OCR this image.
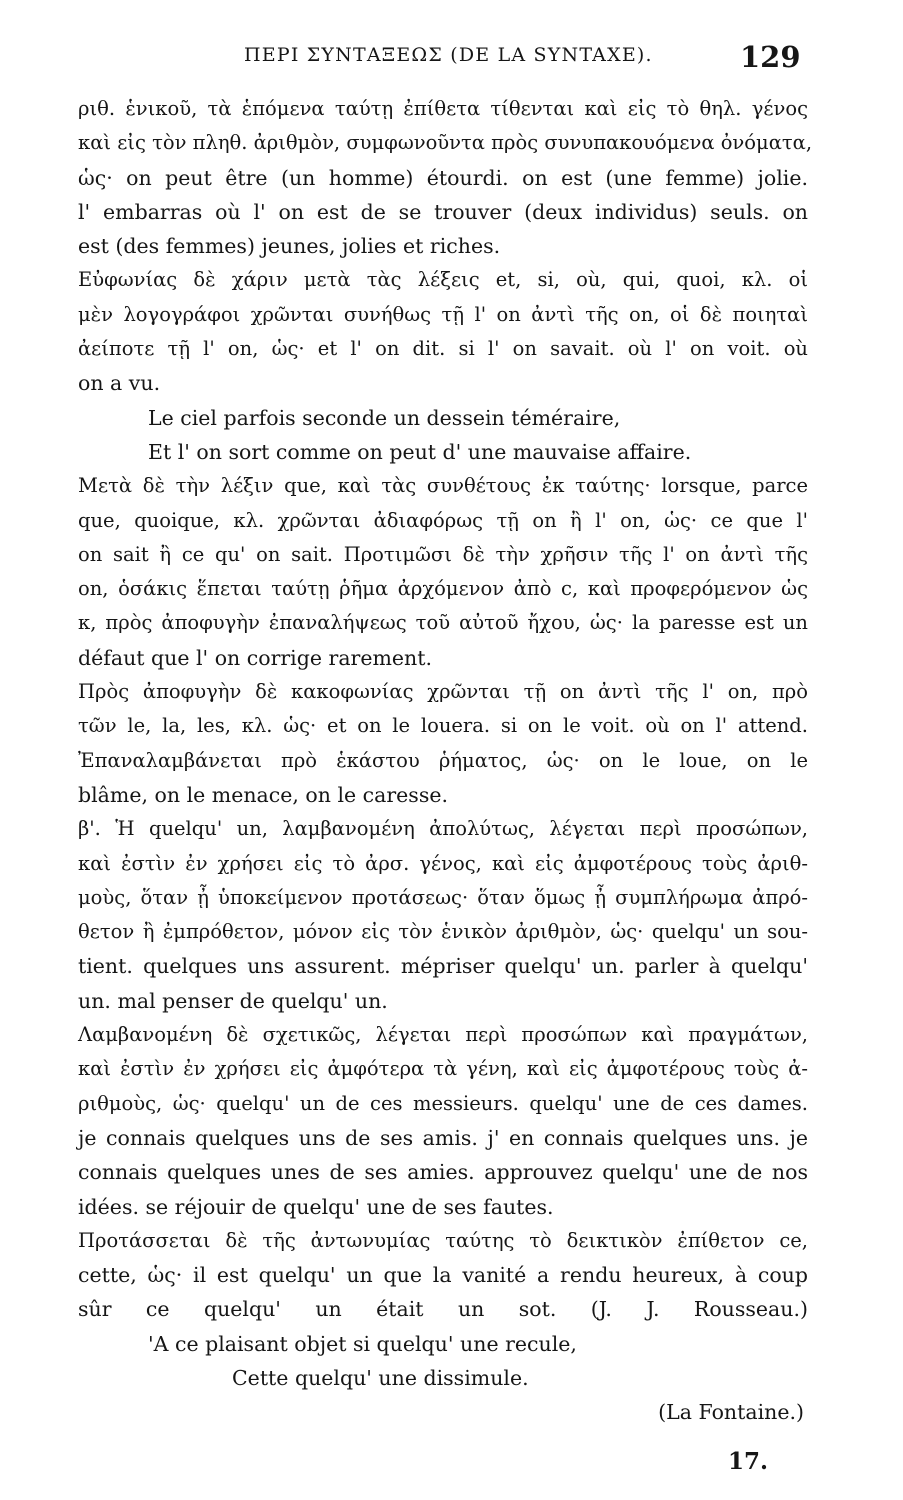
ΠΕΡΙ ΣΥΝΤΑΞΕΩΣ (DE LA SYNTAXE).	129
ριθ. ἑνικοῦ, τὰ ἑπόμενα ταύτῃ ἐπίθετα τίθενται καὶ εἰς τὸ θηλ. γένος
καὶ εἰς τὸν πληθ. ἀριθμὸν, συμφωνοῦντα πρὸς συνυπακουόμενα ὀνόματα,
ὡς· on peut être (un homme) étourdi. on est (une femme) jolie.
l' embarras où l' on est de se trouver (deux individus) seuls. on
est (des femmes) jeunes, jolies et riches.
Εὐφωνίας δὲ χάριν μετὰ τὰς λέξεις et, si, où, qui, quoi, κλ. οἱ
μὲν λογογράφοι χρῶνται συνήθως τῇ l' on ἀντὶ τῆς on, οἱ δὲ ποιηταὶ
ἀείποτε τῇ l' on, ὡς· et l' on dit. si l' on savait. où l' on voit. où
on a vu.
Le ciel parfois seconde un dessein téméraire,
Et l' on sort comme on peut d' une mauvaise affaire.
Μετὰ δὲ τὴν λέξιν que, καὶ τὰς συνθέτους ἐκ ταύτης· lorsque, parce
que, quoique, κλ. χρῶνται ἀδιαφόρως τῇ on ἢ l' on, ὡς· ce que l'
on sait ἢ ce qu' on sait. Προτιμῶσι δὲ τὴν χρῆσιν τῆς l' on ἀντὶ τῆς
on, ὁσάκις ἕπεται ταύτῃ ῥῆμα ἀρχόμενον ἀπὸ c, καὶ προφερόμενον ὡς
κ, πρὸς ἀποφυγὴν ἐπαναλήψεως τοῦ αὐτοῦ ἤχου, ὡς· la paresse est un
défaut que l' on corrige rarement.
Πρὸς ἀποφυγὴν δὲ κακοφωνίας χρῶνται τῇ on ἀντὶ τῆς l' on, πρὸ
τῶν le, la, les, κλ. ὡς· et on le louera. si on le voit. où on l' attend.
Ἐπαναλαμβάνεται πρὸ ἑκάστου ῥήματος, ὡς· on le loue, on le
blâme, on le menace, on le caresse.
β'. Ἡ quelqu' un, λαμβανομένη ἀπολύτως, λέγεται περὶ προσώπων,
καὶ ἐστὶν ἐν χρήσει εἰς τὸ ἀρσ. γένος, καὶ εἰς ἀμφοτέρους τοὺς ἀριθ-
μοὺς, ὅταν ᾖ ὑποκείμενον προτάσεως· ὅταν ὅμως ᾖ συμπλήρωμα ἀπρό-
θετον ἢ ἐμπρόθετον, μόνον εἰς τὸν ἑνικὸν ἀριθμὸν, ὡς· quelqu' un sou-
tient. quelques uns assurent. mépriser quelqu' un. parler à quelqu'
un. mal penser de quelqu' un.
Λαμβανομένη δὲ σχετικῶς, λέγεται περὶ προσώπων καὶ πραγμάτων,
καὶ ἐστὶν ἐν χρήσει εἰς ἀμφότερα τὰ γένη, καὶ εἰς ἀμφοτέρους τοὺς ἀ-
ριθμοὺς, ὡς· quelqu' un de ces messieurs. quelqu' une de ces dames.
je connais quelques uns de ses amis. j' en connais quelques uns. je
connais quelques unes de ses amies. approuvez quelqu' une de nos
idées. se réjouir de quelqu' une de ses fautes.
Προτάσσεται δὲ τῆς ἀντωνυμίας ταύτης τὸ δεικτικὸν ἐπίθετον ce,
cette, ὡς· il est quelqu' un que la vanité a rendu heureux, à coup
sûr ce quelqu' un était un sot. (J. J. Rousseau.)
'A ce plaisant objet si quelqu' une recule,
Cette quelqu' une dissimule.
(La Fontaine.)
17.
